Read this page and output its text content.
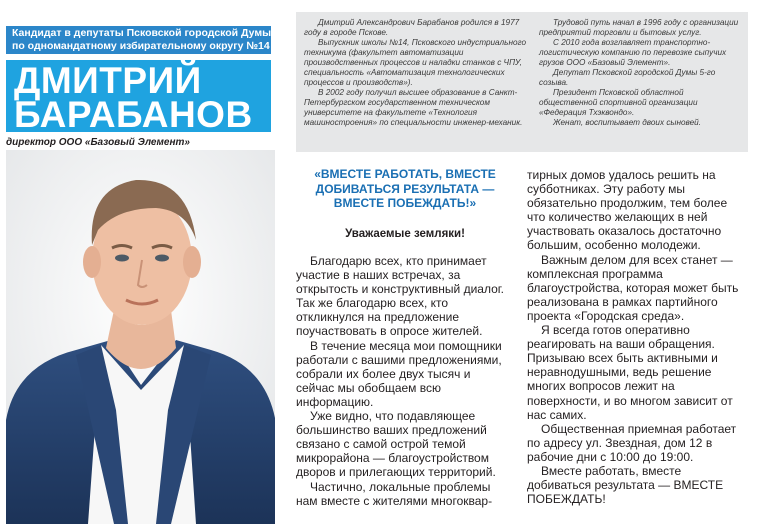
Кандидат в депутаты Псковской городской Думы
по одномандатному избирательному округу №14
ДМИТРИЙ
БАРАБАНОВ
директор ООО «Базовый Элемент»

Дмитрий Александрович Барабанов родился в 1977 году в городе Пскове.

Выпускник школы №14, Псковского индустриального техникума (факультет автоматизации производственных процессов и наладки станков с ЧПУ, специальность «Автоматизация технологических процессов и производств»).

В 2002 году получил высшее образование в Санкт-Петербургском государственном техническом университете на факультете «Технология машиностроения» по специальности инженер-механик.

Трудовой путь начал в 1996 году с организации предприятий торговли и бытовых услуг.

С 2010 года возглавляет транспортно-логистическую компанию по перевозке сыпучих грузов ООО «Базовый Элемент».

Депутат Псковской городской Думы 5-го созыва.

Президент Псковской областной общественной спортивной организации «Федерация Тхэквондо».

Женат, воспитывает двоих сыновей.

«ВМЕСТЕ РАБОТАТЬ, ВМЕСТЕ ДОБИВАТЬСЯ РЕЗУЛЬТАТА — ВМЕСТЕ ПОБЕЖДАТЬ!»
Уважаемые земляки!

Благодарю всех, кто принимает участие в наших встречах, за открытость и конструктивный диалог. Так же благодарю всех, кто откликнулся на предложение поучаствовать в опросе жителей.

В течение месяца мои помощники работали с вашими предложениями, собрали их более двух тысяч и сейчас мы обобщаем всю информацию.

Уже видно, что подавляющее большинство ваших предложений связано с самой острой темой микрорайона — благоустройством дворов и прилегающих территорий.

Частично, локальные проблемы нам вместе с жителями многоквар-

тирных домов удалось решить на субботниках. Эту работу мы обязательно продолжим, тем более что количество желающих в ней участвовать оказалось достаточно большим, особенно молодежи.

Важным делом для всех станет — комплексная программа благоустройства, которая может быть реализована в рамках партийного проекта «Городская среда».

Я всегда готов оперативно реагировать на ваши обращения. Призываю всех быть активными и неравнодушными, ведь решение многих вопросов лежит на поверхности, и во многом зависит от нас самих.

Общественная приемная работает по адресу ул. Звездная, дом 12 в рабочие дни с 10:00 до 19:00.

Вместе работать, вместе добиваться результата — ВМЕСТЕ ПОБЕЖДАТЬ!
